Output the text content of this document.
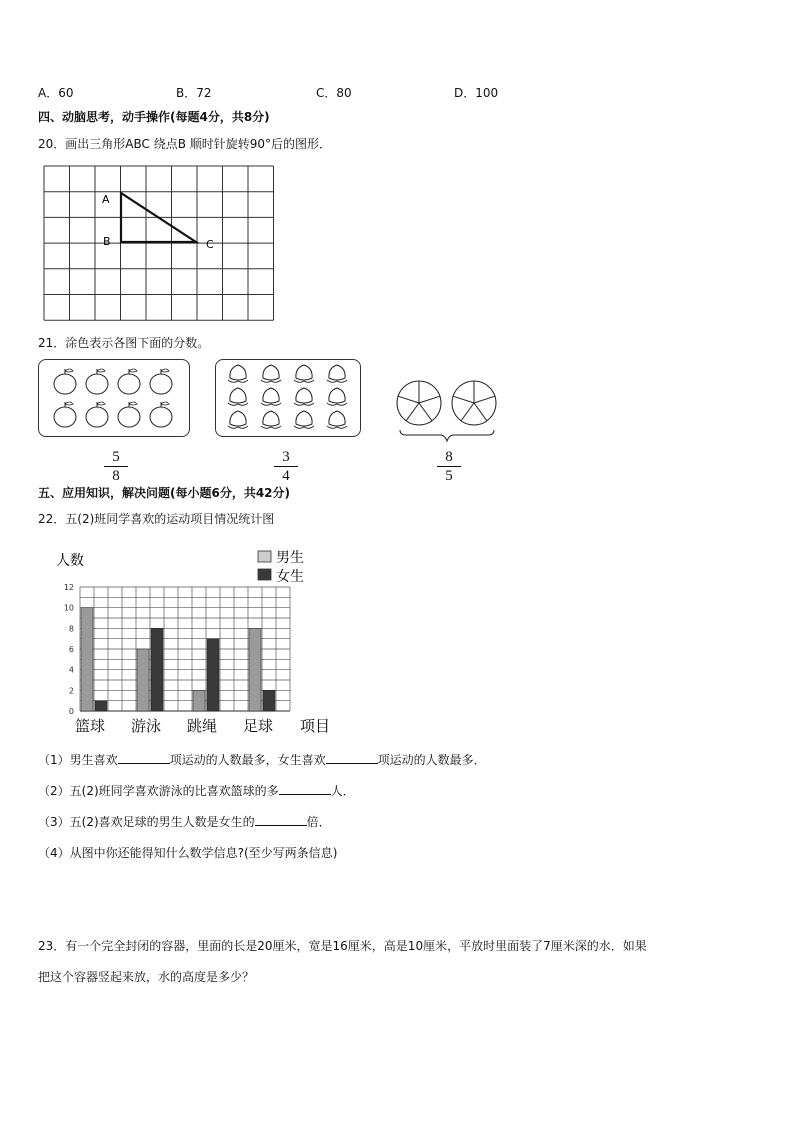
A．60	B．72	C．80	D．100
四、动脑思考，动手操作(每题4分，共8分)
20．画出三角形ABC 绕点B 顺时针旋转90°后的图形．
A
B	C
21．涂色表示各图下面的分数。
5
8
3
4
8
5
五、应用知识，解决问题(每小题6分，共42分)
22．五(2)班同学喜欢的运动项目情况统计图
人数	男生
女生
0
2
4
6
8
10
12
篮球 游泳 跳绳 足球 项目
（1）男生喜欢	项运动的人数最多，女生喜欢	项运动的人数最多．
（2）五(2)班同学喜欢游泳的比喜欢篮球的多	人．
（3）五(2)喜欢足球的男生人数是女生的	倍．
（4）从图中你还能得知什么数学信息?(至少写两条信息)
23．有一个完全封闭的容器，里面的长是20厘米，宽是16厘米，高是10厘米，平放时里面装了7厘米深的水．如果
把这个容器竖起来放，水的高度是多少？
